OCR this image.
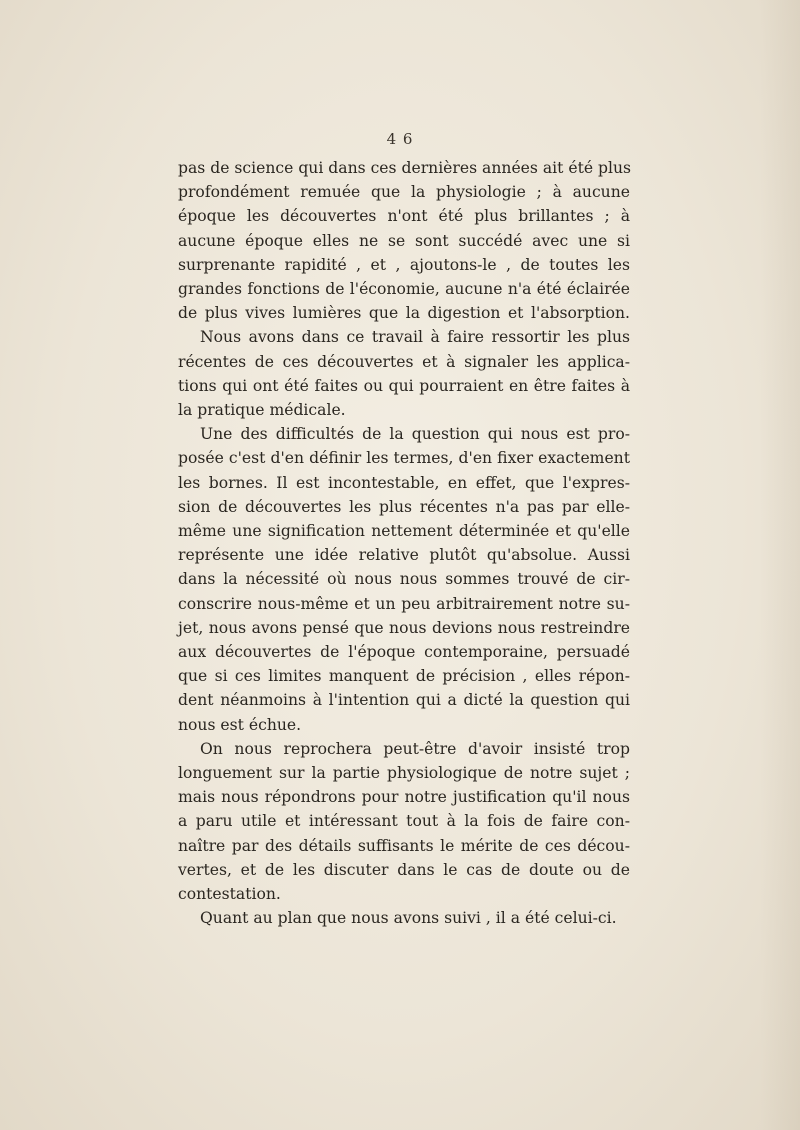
4 6
pas de science qui dans ces dernières années ait été plus
profondément remuée que la physiologie ; à aucune
époque les découvertes n'ont été plus brillantes ; à
aucune époque elles ne se sont succédé avec une si
surprenante rapidité , et , ajoutons-le , de toutes les
grandes fonctions de l'économie, aucune n'a été éclairée
de plus vives lumières que la digestion et l'absorption.
Nous avons dans ce travail à faire ressortir les plus
récentes de ces découvertes et à signaler les applica-
tions qui ont été faites ou qui pourraient en être faites à
la pratique médicale.
Une des difficultés de la question qui nous est pro-
posée c'est d'en définir les termes, d'en fixer exactement
les bornes. Il est incontestable, en effet, que l'expres-
sion de découvertes les plus récentes n'a pas par elle-
même une signification nettement déterminée et qu'elle
représente une idée relative plutôt qu'absolue. Aussi
dans la nécessité où nous nous sommes trouvé de cir-
conscrire nous-même et un peu arbitrairement notre su-
jet, nous avons pensé que nous devions nous restreindre
aux découvertes de l'époque contemporaine, persuadé
que si ces limites manquent de précision , elles répon-
dent néanmoins à l'intention qui a dicté la question qui
nous est échue.
On nous reprochera peut-être d'avoir insisté trop
longuement sur la partie physiologique de notre sujet ;
mais nous répondrons pour notre justification qu'il nous
a paru utile et intéressant tout à la fois de faire con-
naître par des détails suffisants le mérite de ces décou-
vertes, et de les discuter dans le cas de doute ou de
contestation.
Quant au plan que nous avons suivi , il a été celui-ci.
